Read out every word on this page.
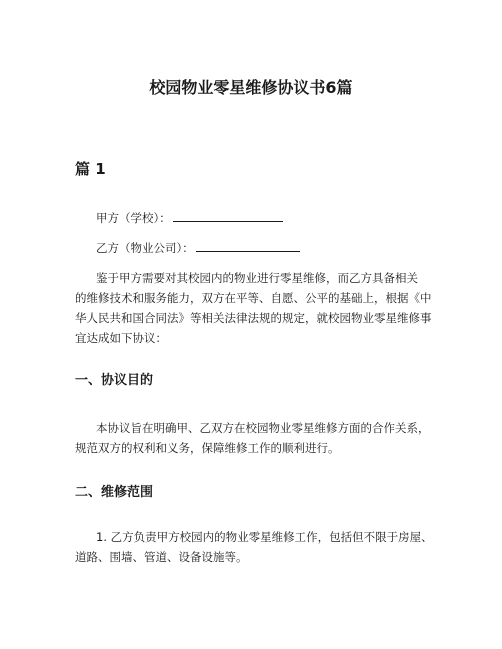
校园物业零星维修协议书6篇
篇 1
甲方（学校）：
乙方（物业公司）：
鉴于甲方需要对其校园内的物业进行零星维修，而乙方具备相关
的维修技术和服务能力，双方在平等、自愿、公平的基础上，根据《中
华人民共和国合同法》等相关法律法规的规定，就校园物业零星维修事
宜达成如下协议：
一、协议目的
本协议旨在明确甲、乙双方在校园物业零星维修方面的合作关系，
规范双方的权利和义务，保障维修工作的顺利进行。
二、维修范围
1. 乙方负责甲方校园内的物业零星维修工作，包括但不限于房屋、
道路、围墙、管道、设备设施等。
